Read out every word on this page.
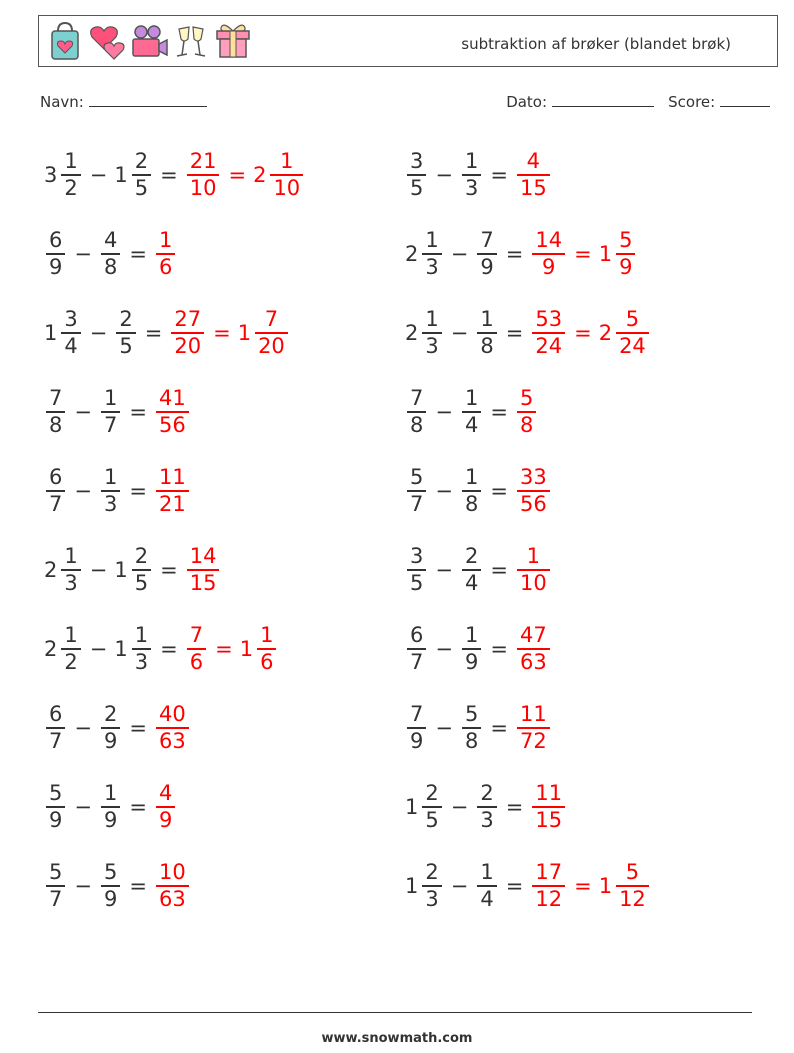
subtraktion af brøker (blandet brøk)
Navn:	Dato:	Score:
$3 \frac{1}{2} - 1 \frac{2}{5} = \frac{21}{10} = 2 \frac{1}{10}$	$\frac{3}{5} - \frac{1}{3} = \frac{4}{15}$
$\frac{6}{9} - \frac{4}{8} = \frac{1}{6}$	$2 \frac{1}{3} - \frac{7}{9} = \frac{14}{9} = 1 \frac{5}{9}$
$1 \frac{3}{4} - \frac{2}{5} = \frac{27}{20} = 1 \frac{7}{20}$	$2 \frac{1}{3} - \frac{1}{8} = \frac{53}{24} = 2 \frac{5}{24}$
$\frac{7}{8} - \frac{1}{7} = \frac{41}{56}$	$\frac{7}{8} - \frac{1}{4} = \frac{5}{8}$
$\frac{6}{7} - \frac{1}{3} = \frac{11}{21}$	$\frac{5}{7} - \frac{1}{8} = \frac{33}{56}$
$2 \frac{1}{3} - 1 \frac{2}{5} = \frac{14}{15}$	$\frac{3}{5} - \frac{2}{4} = \frac{1}{10}$
$2 \frac{1}{2} - 1 \frac{1}{3} = \frac{7}{6} = 1 \frac{1}{6}$	$\frac{6}{7} - \frac{1}{9} = \frac{47}{63}$
$\frac{6}{7} - \frac{2}{9} = \frac{40}{63}$	$\frac{7}{9} - \frac{5}{8} = \frac{11}{72}$
$\frac{5}{9} - \frac{1}{9} = \frac{4}{9}$	$1 \frac{2}{5} - \frac{2}{3} = \frac{11}{15}$
$\frac{5}{7} - \frac{5}{9} = \frac{10}{63}$	$1 \frac{2}{3} - \frac{1}{4} = \frac{17}{12} = 1 \frac{5}{12}$
www.snowmath.com
